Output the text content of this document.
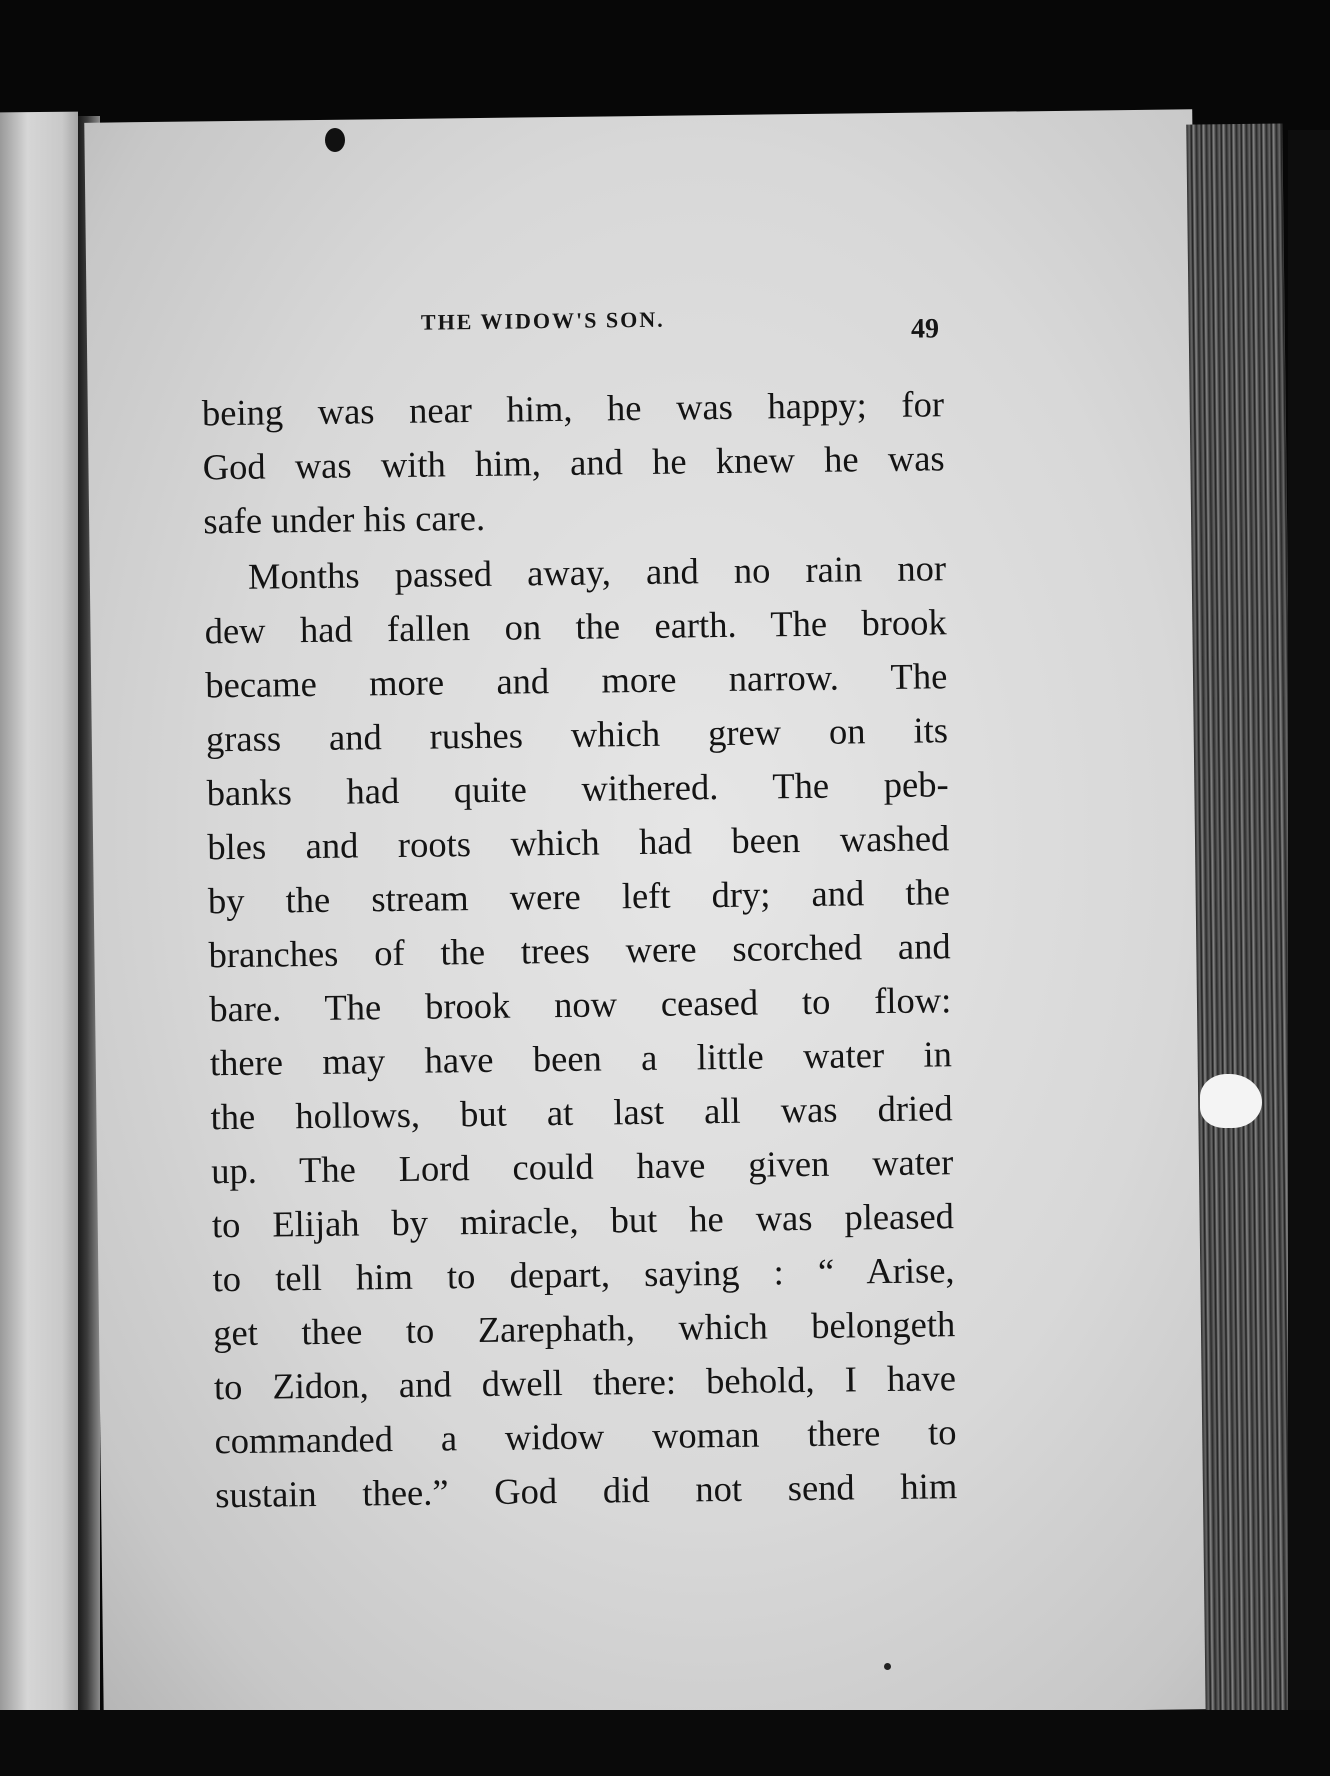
THE WIDOW'S SON.	49
being was near him, he was happy; for
God was with him, and he knew he was
safe under his care.
Months passed away, and no rain nor
dew had fallen on the earth. The brook
became more and more narrow. The
grass and rushes which grew on its
banks had quite withered. The peb-
bles and roots which had been washed
by the stream were left dry; and the
branches of the trees were scorched and
bare. The brook now ceased to flow:
there may have been a little water in
the hollows, but at last all was dried
up. The Lord could have given water
to Elijah by miracle, but he was pleased
to tell him to depart, saying : “ Arise,
get thee to Zarephath, which belongeth
to Zidon, and dwell there: behold, I have
commanded a widow woman there to
sustain thee.” God did not send him
